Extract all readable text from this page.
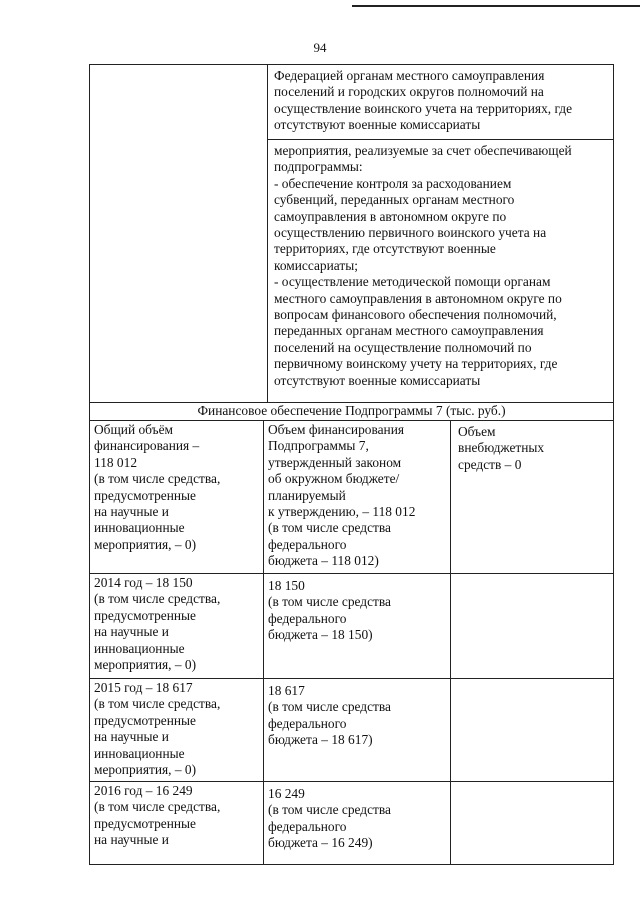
94

Федерацией органам местного самоуправления
поселений и городских округов полномочий на
осуществление воинского учета на территориях, где
отсутствуют военные комиссариаты

мероприятия, реализуемые за счет обеспечивающей
подпрограммы:
- обеспечение контроля за расходованием
субвенций, переданных органам местного
самоуправления в автономном округе по
осуществлению первичного воинского учета на
территориях, где отсутствуют военные
комиссариаты;
- осуществление методической помощи органам
местного самоуправления в автономном округе по
вопросам финансового обеспечения полномочий,
переданных органам местного самоуправления
поселений на осуществление полномочий по
первичному воинскому учету на территориях, где
отсутствуют военные комиссариаты

Финансовое обеспечение Подпрограммы 7 (тыс. руб.)

Общий объём
финансирования –
118 012
(в том числе средства,
предусмотренные
на научные и
инновационные
мероприятия, – 0)

Объем финансирования
Подпрограммы 7,
утвержденный законом
об окружном бюджете/
планируемый
к утверждению, – 118 012
(в том числе средства
федерального
бюджета – 118 012)

Объем
внебюджетных
средств – 0

2014 год – 18 150
(в том числе средства,
предусмотренные
на научные и
инновационные
мероприятия, – 0)

18 150
(в том числе средства
федерального
бюджета – 18 150)

2015 год – 18 617
(в том числе средства,
предусмотренные
на научные и
инновационные
мероприятия, – 0)

18 617
(в том числе средства
федерального
бюджета – 18 617)

2016 год – 16 249
(в том числе средства,
предусмотренные
на научные и

16 249
(в том числе средства
федерального
бюджета – 16 249)
